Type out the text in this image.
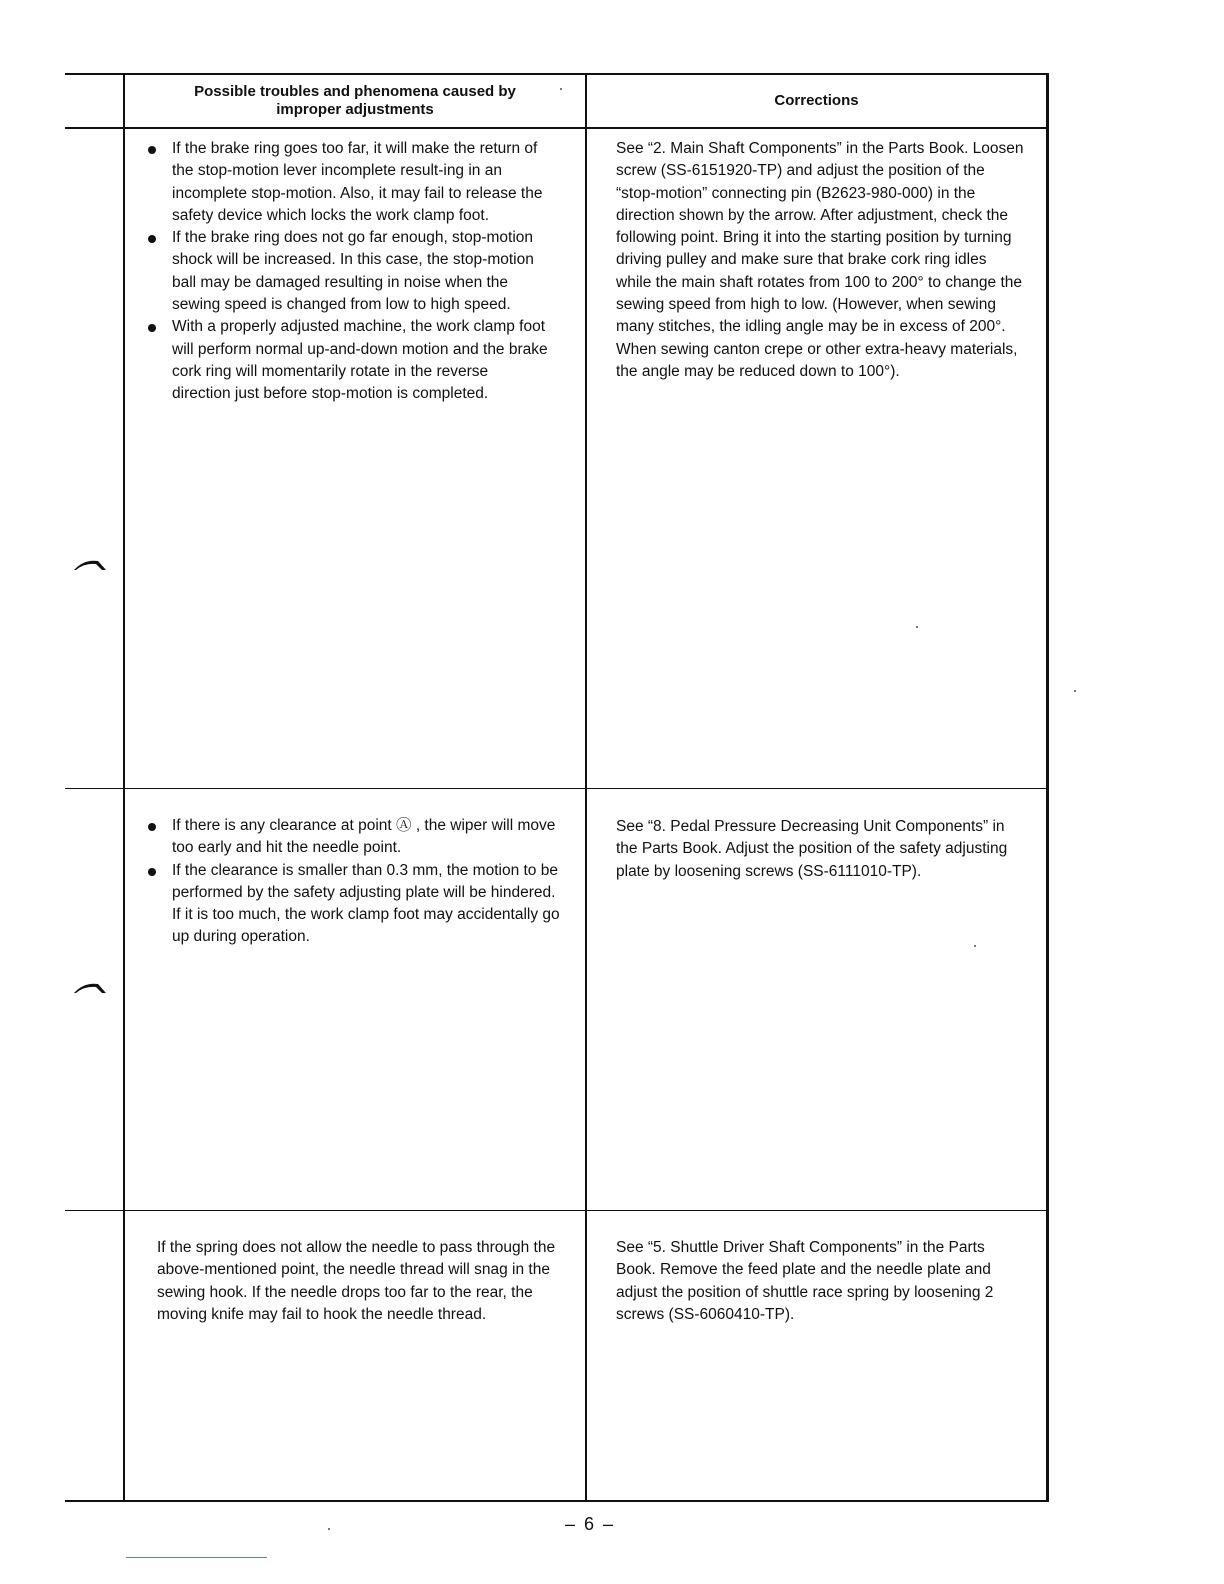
Possible troubles and phenomena caused by improper adjustments
Corrections
If the brake ring goes too far, it will make the return of the stop-motion lever incomplete result-ing in an incomplete stop-motion. Also, it may fail to release the safety device which locks the work clamp foot.
If the brake ring does not go far enough, stop-motion shock will be increased. In this case, the stop-motion ball may be damaged resulting in noise when the sewing speed is changed from low to high speed.
With a properly adjusted machine, the work clamp foot will perform normal up-and-down motion and the brake cork ring will momentarily rotate in the reverse direction just before stop-motion is completed.

See “2. Main Shaft Components” in the Parts Book. Loosen screw (SS-6151920-TP) and adjust the position of the “stop-motion” connecting pin (B2623-980-000) in the direction shown by the arrow. After adjustment, check the following point. Bring it into the starting position by turning driving pulley and make sure that brake cork ring idles while the main shaft rotates from 100 to 200° to change the sewing speed from high to low. (However, when sewing many stitches, the idling angle may be in excess of 200°. When sewing canton crepe or other extra-heavy materials, the angle may be reduced down to 100°).

If there is any clearance at point Ⓐ , the wiper will move too early and hit the needle point.
If the clearance is smaller than 0.3 mm, the motion to be performed by the safety adjusting plate will be hindered. If it is too much, the work clamp foot may accidentally go up during operation.

See “8. Pedal Pressure Decreasing Unit Components” in the Parts Book. Adjust the position of the safety adjusting plate by loosening screws (SS-6111010-TP).

If the spring does not allow the needle to pass through the above-mentioned point, the needle thread will snag in the sewing hook. If the needle drops too far to the rear, the moving knife may fail to hook the needle thread.

See “5. Shuttle Driver Shaft Components” in the Parts Book. Remove the feed plate and the needle plate and adjust the position of shuttle race spring by loosening 2 screws (SS-6060410-TP).

– 6 –
